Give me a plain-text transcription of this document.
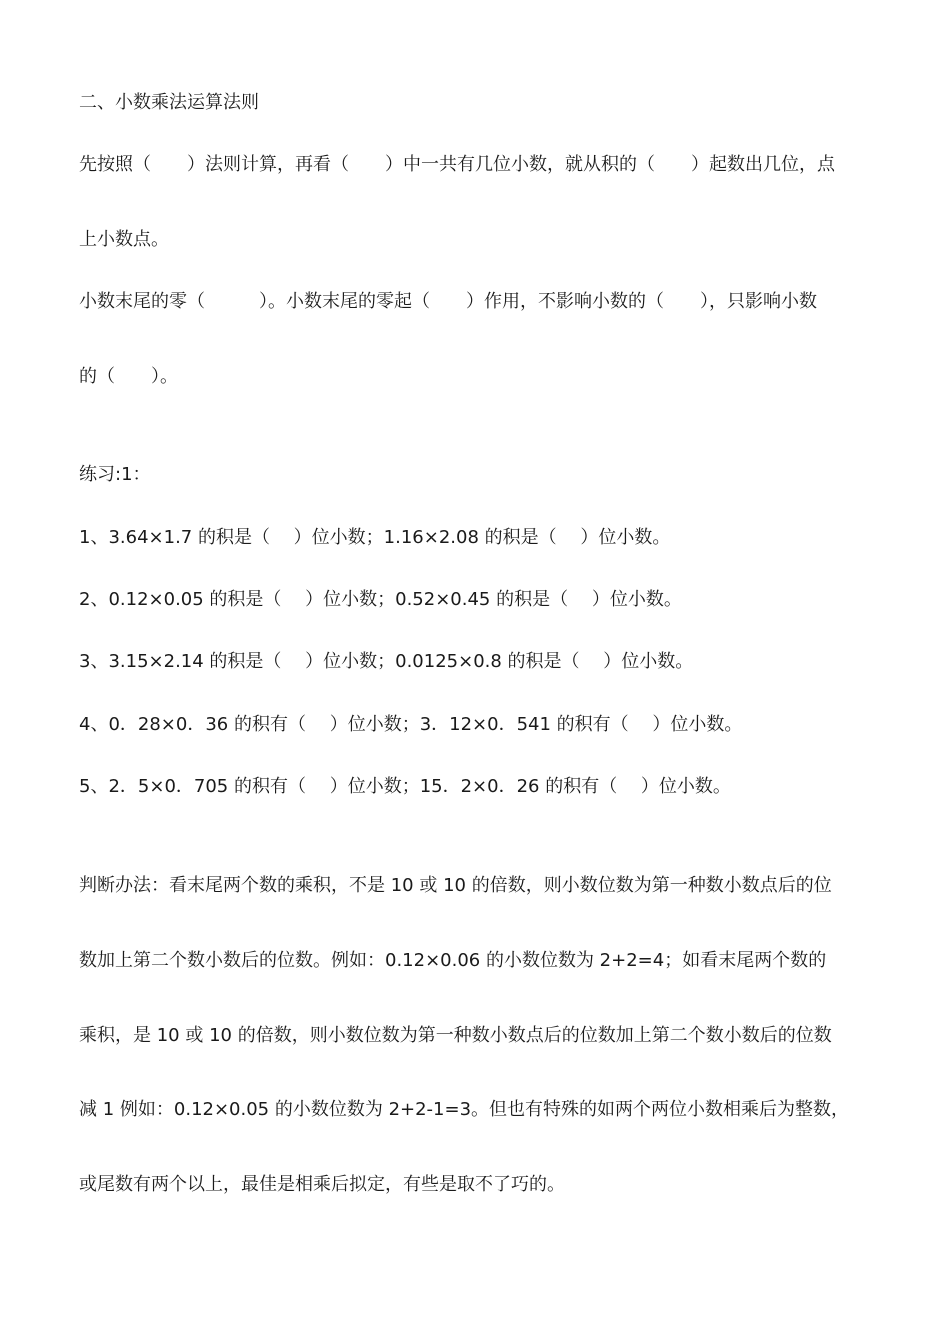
二、小数乘法运算法则
先按照（　　）法则计算，再看（　　）中一共有几位小数，就从积的（　　）起数出几位，点
上小数点。
小数末尾的零（　　　）。小数末尾的零起（　　）作用，不影响小数的（　　），只影响小数
的（　　）。
练习:1：
1、3.64×1.7 的积是（　 ）位小数；1.16×2.08 的积是（　 ）位小数。
2、0.12×0.05 的积是（　 ）位小数；0.52×0.45 的积是（　 ）位小数。
3、3.15×2.14 的积是（　 ）位小数；0.0125×0.8 的积是（　 ）位小数。
4、0．28×0．36 的积有（　 ）位小数；3．12×0．541 的积有（　 ）位小数。
5、2．5×0．705 的积有（　 ）位小数；15．2×0．26 的积有（　 ）位小数。
判断办法：看末尾两个数的乘积，不是 10 或 10 的倍数，则小数位数为第一种数小数点后的位
数加上第二个数小数后的位数。例如：0.12×0.06 的小数位数为 2+2=4；如看末尾两个数的
乘积，是 10 或 10 的倍数，则小数位数为第一种数小数点后的位数加上第二个数小数后的位数
减 1 例如：0.12×0.05 的小数位数为 2+2-1=3。但也有特殊的如两个两位小数相乘后为整数，
或尾数有两个以上，最佳是相乘后拟定，有些是取不了巧的。
